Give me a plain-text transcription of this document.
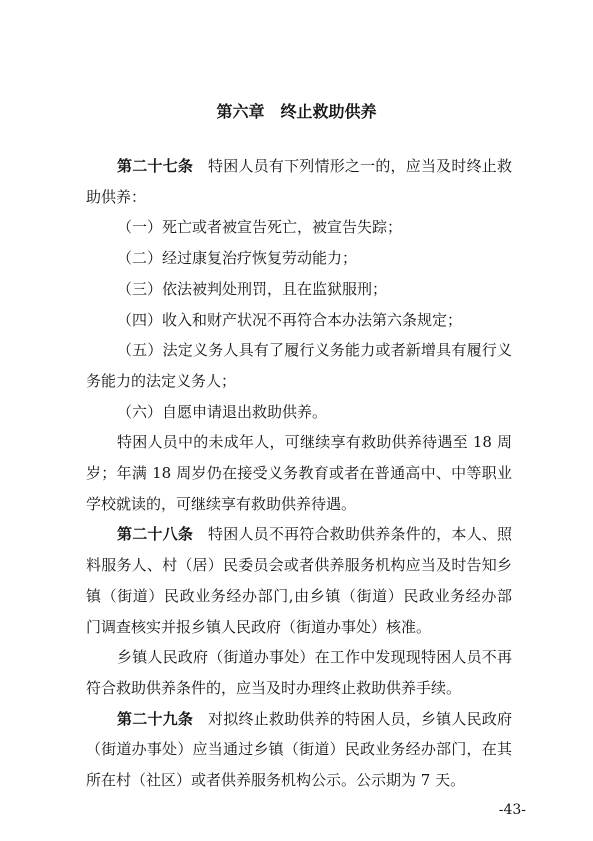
第六章　终止救助供养
第二十七条 特困人员有下列情形之一的，应当及时终止救
助供养：
（一）死亡或者被宣告死亡，被宣告失踪；
（二）经过康复治疗恢复劳动能力；
（三）依法被判处刑罚，且在监狱服刑；
（四）收入和财产状况不再符合本办法第六条规定；
（五）法定义务人具有了履行义务能力或者新增具有履行义
务能力的法定义务人；
（六）自愿申请退出救助供养。
特困人员中的未成年人，可继续享有救助供养待遇至 18 周
岁；年满 18 周岁仍在接受义务教育或者在普通高中、中等职业
学校就读的，可继续享有救助供养待遇。
第二十八条 特困人员不再符合救助供养条件的，本人、照
料服务人、村（居）民委员会或者供养服务机构应当及时告知乡
镇（街道）民政业务经办部门,由乡镇（街道）民政业务经办部
门调查核实并报乡镇人民政府（街道办事处）核准。
乡镇人民政府（街道办事处）在工作中发现现特困人员不再
符合救助供养条件的，应当及时办理终止救助供养手续。
第二十九条 对拟终止救助供养的特困人员，乡镇人民政府
（街道办事处）应当通过乡镇（街道）民政业务经办部门，在其
所在村（社区）或者供养服务机构公示。公示期为 7 天。
-43-
